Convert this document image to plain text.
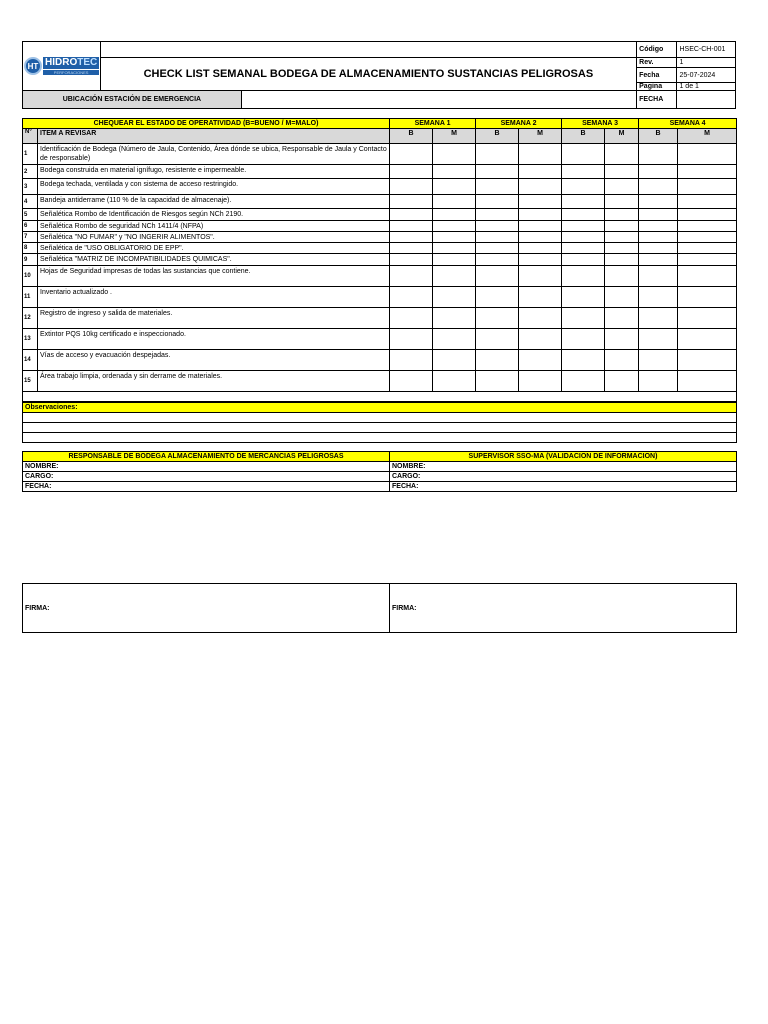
HT HIDROTEC
PERFORACIONES			Código	HSEC-CH-001
	CHECK LIST SEMANAL BODEGA DE ALMACENAMIENTO SUSTANCIAS PELIGROSAS			
			Rev.	1
			Fecha	25-07-2024

			Pagina	1 de 1
UBICACIÓN ESTACIÓN DE EMERGENCIA			FECHA	
CHEQUEAR EL ESTADO DE OPERATIVIDAD (B=BUENO / M=MALO)		SEMANA 1		SEMANA 2		SEMANA 3		SEMANA 4	
N°	ITEM A REVISAR	B	M	B	M	B	M	B	M
1	Identificación de Bodega (Número de Jaula, Contenido, Área dónde se ubica, Responsable de Jaula y Contacto de responsable)								
2	Bodega construida en material ignífugo, resistente e impermeable.								
3	Bodega techada, ventilada y con sistema de acceso restringido.								
4	Bandeja antiderrame (110 % de la capacidad de almacenaje).								
5	Señalética Rombo de Identificación de Riesgos según NCh 2190.								
6	Señalética Rombo de seguridad NCh 1411/4 (NFPA)								
7	Señalética "NO FUMAR" y "NO INGERIR ALIMENTOS".								
8	Señalética de "USO OBLIGATORIO DE EPP".								
9	Señalética "MATRIZ DE INCOMPATIBILIDADES QUIMICAS".								
10	Hojas de Seguridad impresas de todas las sustancias que contiene.								
11	Inventario actualizado .								
12	Registro de ingreso y salida de materiales.								
13	Extintor PQS 10kg certificado e inspeccionado.								
14	Vías de acceso y evacuación despejadas.								
15	Área trabajo limpia, ordenada y sin derrame de materiales.								

Observaciones:

RESPONSABLE DE BODEGA ALMACENAMIENTO DE MERCANCIAS PELIGROSAS	SUPERVISOR SSO-MA (VALIDACION DE INFORMACION)
NOMBRE:	NOMBRE:
CARGO:	CARGO:
FECHA:	FECHA:
FIRMA:	FIRMA:
